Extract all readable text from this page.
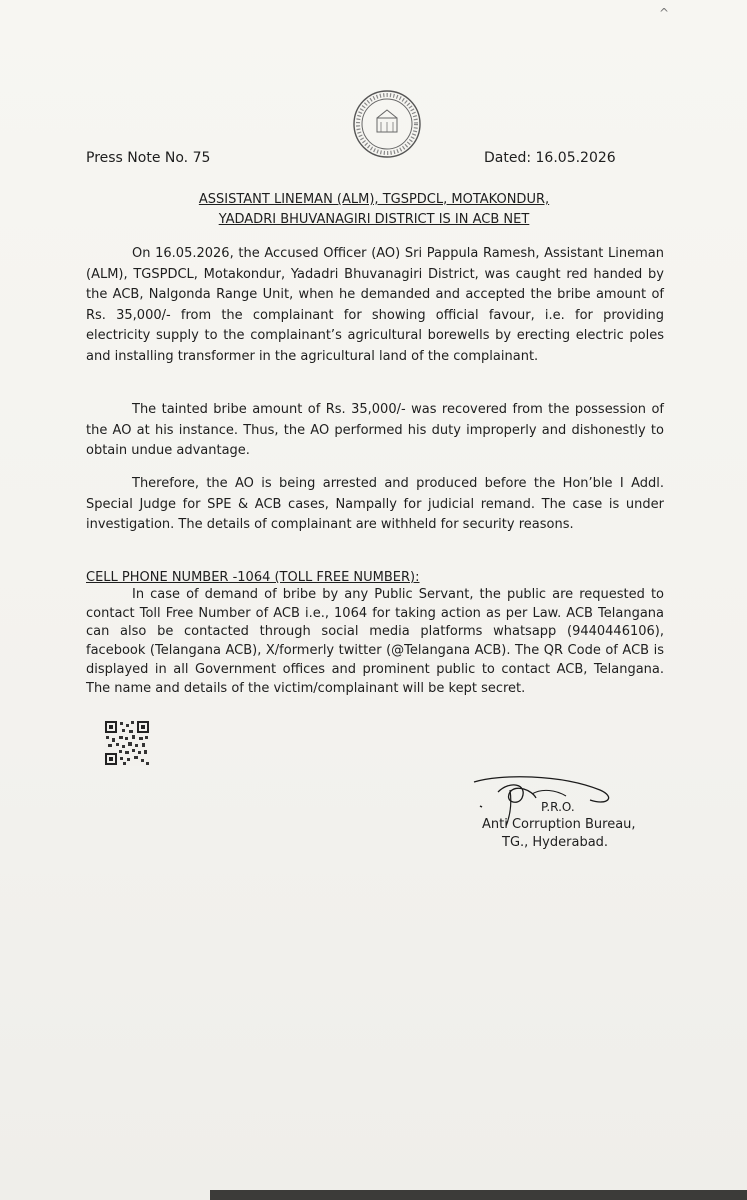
^
Press Note No. 75	Dated: 16.05.2026
ASSISTANT LINEMAN (ALM), TGSPDCL, MOTAKONDUR,
YADADRI BHUVANAGIRI DISTRICT IS IN ACB NET
On 16.05.2026, the Accused Officer (AO) Sri Pappula Ramesh, Assistant Lineman (ALM), TGSPDCL, Motakondur, Yadadri Bhuvanagiri District, was caught red handed by the ACB, Nalgonda Range Unit, when he demanded and accepted the bribe amount of Rs. 35,000/- from the complainant for showing official favour, i.e. for providing electricity supply to the complainant’s agricultural borewells by erecting electric poles and installing transformer in the agricultural land of the complainant.
The tainted bribe amount of Rs. 35,000/- was recovered from the possession of the AO at his instance. Thus, the AO performed his duty improperly and dishonestly to obtain undue advantage.
Therefore, the AO is being arrested and produced before the Hon’ble I Addl. Special Judge for SPE & ACB cases, Nampally for judicial remand. The case is under investigation. The details of complainant are withheld for security reasons.
CELL PHONE NUMBER -1064 (TOLL FREE NUMBER):
In case of demand of bribe by any Public Servant, the public are requested to contact Toll Free Number of ACB i.e., 1064 for taking action as per Law. ACB Telangana can also be contacted through social media platforms whatsapp (9440446106), facebook (Telangana ACB), X/formerly twitter (@Telangana ACB). The QR Code of ACB is displayed in all Government offices and prominent public to contact ACB, Telangana. The name and details of the victim/complainant will be kept secret.
P.R.O.
Anti Corruption Bureau,
TG., Hyderabad.
